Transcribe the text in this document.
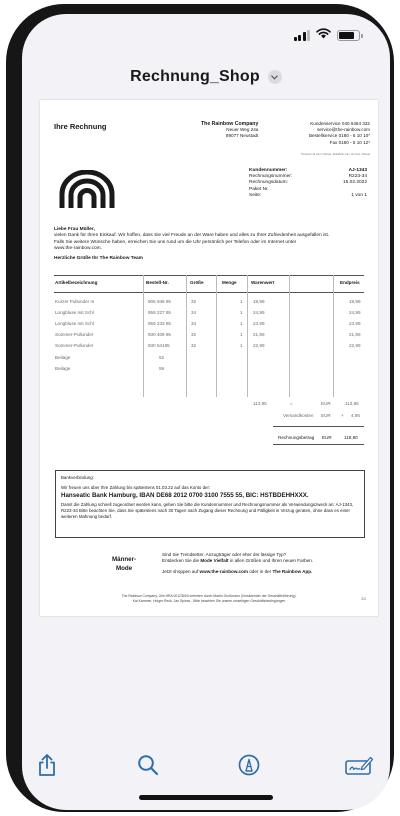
Rechnung_Shop
Ihre Rechnung	The Rainbow Company
Neuer Weg 24a
89077 Neustadt
Kundenservice 040 6464 332
service@the-rainbow.com
Bestellservice 0180 - 5 10 10*
Fax 0180 - 5 10 12*
*Festnetz 14 Cent / Minute, Mobilfunk max. 42 Cent / Minute
Kundennummer:	AJ-1343
Rechnungsnummer:	R223-34
Rechnungsdatum:	15.02.2022
Paket Nr.
Seite:	1 von 1
Liebe Frau Müller,
vielen Dank für Ihren Einkauf. Wir hoffen, dass Sie viel Freude an der Ware haben und alles zu Ihrer Zufriedenheit ausgefallen ist.
Falls Sie weitere Wünsche haben, erreichen Sie uns rund um die Uhr persönlich per Telefon oder im Internet unter
www.the-rainbow.com.
Herzliche Grüße Ihr The Rainbow Team
Artikelbezeichnung	Bestell-Nr.	Größe	Menge	Warenwert	Endpreis
Kurzer Pullunder m	906 948 95	32	1 19,99	19,99
Longbluse mit Schl	959 227 95	34	1 24,99	24,99
Longbluse mit Schl	959 233 95	34	1 23,99	23,99
Sommer-Pullunder	930 409 95	32	1 21,99	21,99
Sommer-Pullunder	930 54195	32	1 22,99	22,99
Beilage	52
Beilage	59
113,95	=	EUR	113,95
Versandkosten EUR + 4,95
Rechnungsbetrag EUR	118,90
Bankverbindung:
Wir freuen uns über Ihre Zahlung bis spätestens 01.03.22 auf das Konto der:
Hanseatic Bank Hamburg, IBAN DE68 2012 0700 3100 7555 55, BIC: HSTBDEHHXXX.
Damit die Zahlung schnell zugeordnet werden kann, geben Sie bitte die Kundennummer und Rechnungsnummer als Verwendungszweck an: AJ-1343, R223-34 Bitte beachten Sie, dass Sie spätestens nach 30 Tagen nach Zugang dieser Rechnung und Fälligkeit in Verzug geraten, ohne dass es einer weiteren Mahnung bedarf.
Männer-
Mode
Sind Sie Trendsetter, Anzugträger oder eher der lässige Typ?
Entdecken Sie die Mode Vielfalt in allen Größen und Ihren neuen Farben.
Jetzt shoppen auf www.the-rainbow.com oder in der The Rainbow App.
The Rainbow Company, Ulm HRA 00123604 vertreten durch Martin Großmann (Vorsitzender der Geschäftsführung),
Kai Kammer, Holger Reck, Jan Spiess - Bitte beachten Sie unsere umseitigen Geschäftsbedingungen	2/2
